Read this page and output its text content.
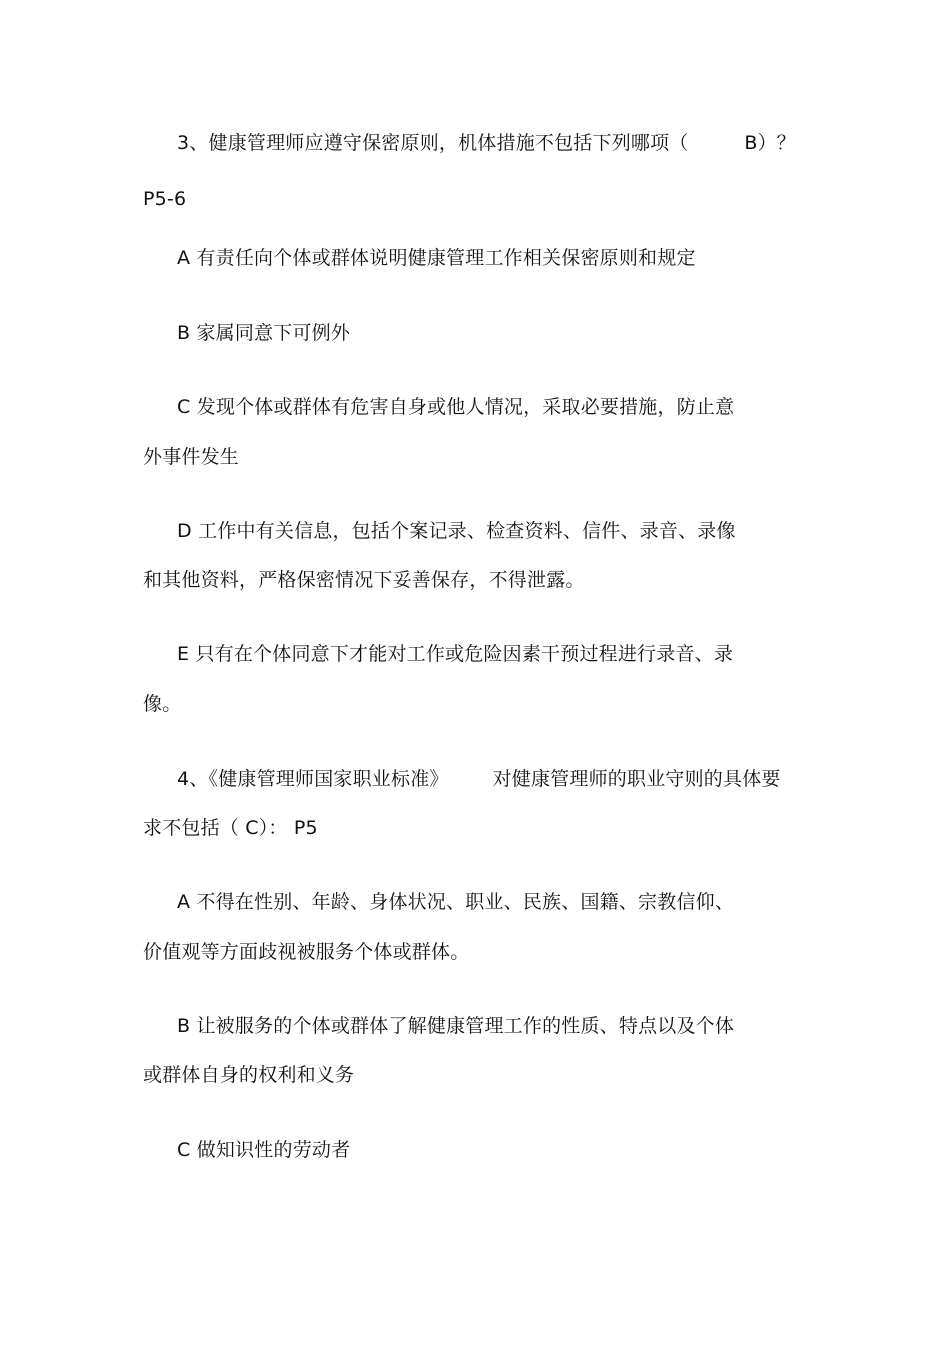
3、健康管理师应遵守保密原则，机体措施不包括下列哪项（	B）？
P5-6
A 有责任向个体或群体说明健康管理工作相关保密原则和规定
B 家属同意下可例外
C 发现个体或群体有危害自身或他人情况，采取必要措施，防止意
外事件发生
D 工作中有关信息，包括个案记录、检查资料、信件、录音、录像
和其他资料，严格保密情况下妥善保存，不得泄露。
E 只有在个体同意下才能对工作或危险因素干预过程进行录音、录
像。
4、《健康管理师国家职业标准》 对健康管理师的职业守则的具体要
求不包括（ C）： P5
A 不得在性别、年龄、身体状况、职业、民族、国籍、宗教信仰、
价值观等方面歧视被服务个体或群体。
B 让被服务的个体或群体了解健康管理工作的性质、特点以及个体
或群体自身的权利和义务
C 做知识性的劳动者
